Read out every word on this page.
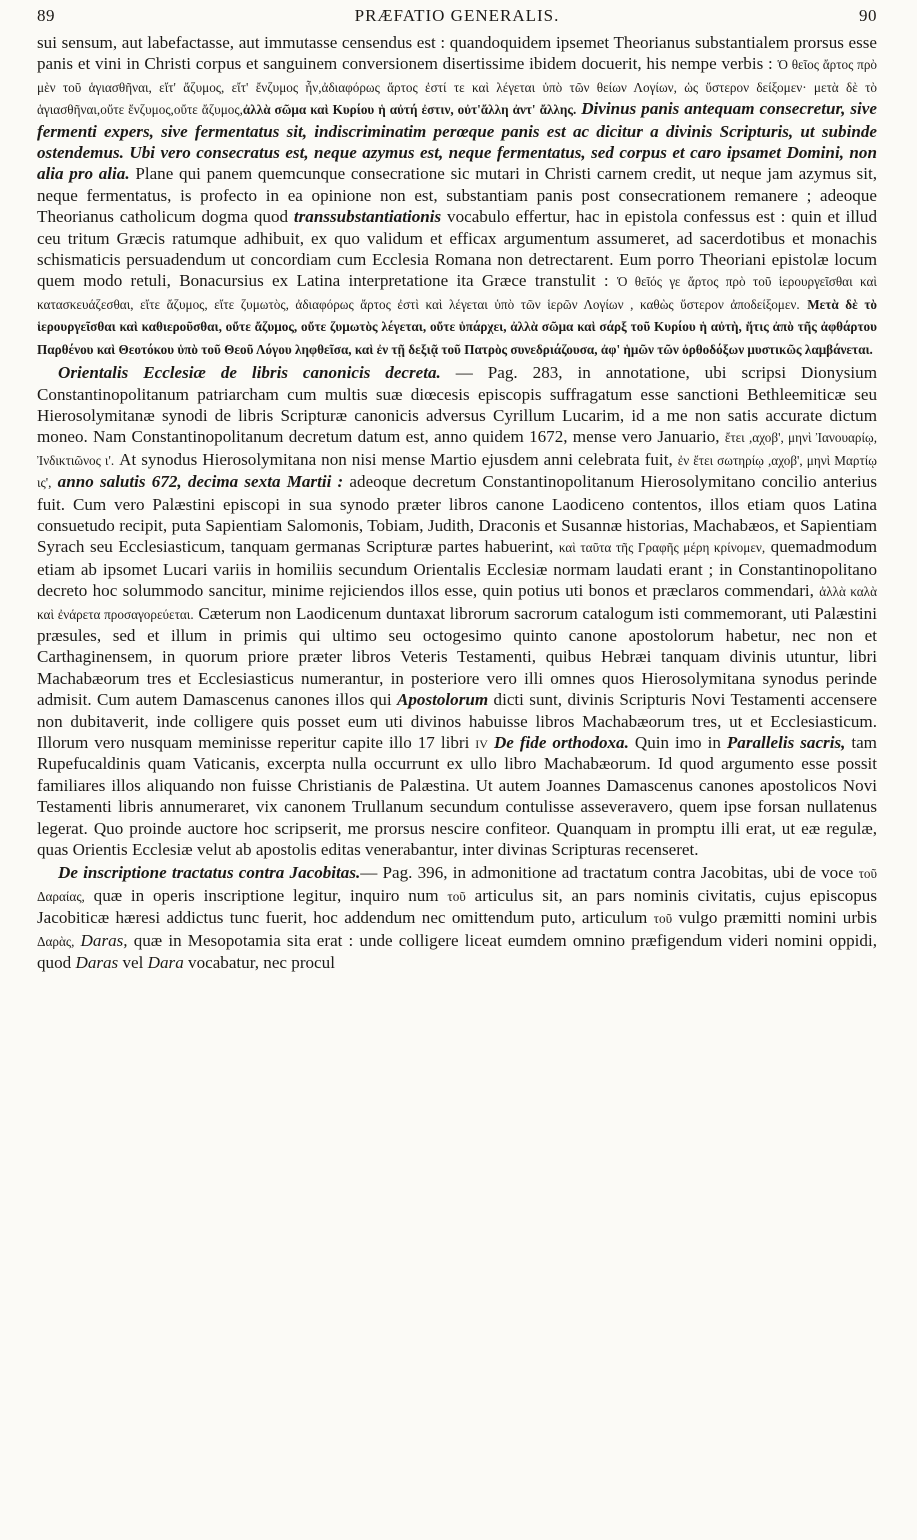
89	PRÆFATIO GENERALIS.	90

sui sensum, aut labefactasse, aut immutasse censendus est : quandoquidem ipsemet Theorianus substantialem prorsus esse panis et vini in Christi corpus et sanguinem conversionem disertissime ibidem docuerit, his nempe verbis : Ὁ θεῖος ἄρτος πρὸ μὲν τοῦ ἁγιασθῆναι, εἴτ' ἄζυμος, εἴτ' ἔνζυμος ἦν,ἀδιαφόρως ἄρτος ἐστί τε καὶ λέγεται ὑπὸ τῶν θείων Λογίων, ὡς ὕστερον δείξομεν· μετὰ δὲ τὸ ἁγιασθῆναι,οὔτε ἔνζυμος,οὔτε ἄζυμος,ἀλλὰ σῶμα καὶ Κυρίου ἡ αὐτή ἐστιν, οὐτ'ἄλλη ἀντ' ἄλλης. Divinus panis antequam consecretur, sive fermenti expers, sive fermentatus sit, indiscriminatim perœque panis est ac dicitur a divinis Scripturis, ut subinde ostendemus. Ubi vero consecratus est, neque azymus est, neque fermentatus, sed corpus et caro ipsamet Domini, non alia pro alia. Plane qui panem quemcunque consecratione sic mutari in Christi carnem credit, ut neque jam azymus sit, neque fermentatus, is profecto in ea opinione non est, substantiam panis post consecrationem remanere ; adeoque Theorianus catholicum dogma quod transsubstantiationis vocabulo effertur, hac in epistola confessus est : quin et illud ceu tritum Græcis ratumque adhibuit, ex quo validum et efficax argumentum assumeret, ad sacerdotibus et monachis schismaticis persuadendum ut concordiam cum Ecclesia Romana non detrectarent. Eum porro Theoriani epistolæ locum quem modo retuli, Bonacursius ex Latina interpretatione ita Græce transtulit : Ὁ θεῖός γε ἄρτος πρὸ τοῦ ἱερουργεῖσθαι καὶ κατασκευάζεσθαι, εἴτε ἄζυμος, εἴτε ζυμωτὸς, ἀδιαφόρως ἄρτος ἐστὶ καὶ λέγεται ὑπὸ τῶν ἱερῶν Λογίων , καθὼς ὕστερον ἀποδείξομεν. Μετὰ δὲ τὸ ἱερουργεῖσθαι καὶ καθιεροῦσθαι, οὔτε ἄζυμος, οὔτε ζυμωτὸς λέγεται, οὔτε ὑπάρχει, ἀλλὰ σῶμα καὶ σάρξ τοῦ Κυρίου ἡ αὐτὴ, ἥτις ἀπὸ τῆς ἀφθάρτου Παρθένου καὶ Θεοτόκου ὑπὸ τοῦ Θεοῦ Λόγου ληφθεῖσα, καὶ ἐν τῇ δεξιᾷ τοῦ Πατρὸς συνεδριάζουσα, ἀφ' ἡμῶν τῶν ὀρθοδόξων μυστικῶς λαμβάνεται.

Orientalis Ecclesiæ de libris canonicis decreta. — Pag. 283, in annotatione, ubi scripsi Dionysium Constantinopolitanum patriarcham cum multis suæ diœcesis episcopis suffragatum esse sanctioni Bethleemiticæ seu Hierosolymitanæ synodi de libris Scripturæ canonicis adversus Cyrillum Lucarim, id a me non satis accurate dictum moneo. Nam Constantinopolitanum decretum datum est, anno quidem 1672, mense vero Januario, ἔτει ,αχοβ', μηνὶ Ἰανουαρίῳ, Ἰνδικτιῶνος ι'. At synodus Hierosolymitana non nisi mense Martio ejusdem anni celebrata fuit, ἐν ἔτει σωτηρίῳ ,αχοβ', μηνὶ Μαρτίῳ ις', anno salutis 672, decima sexta Martii : adeoque decretum Constantinopolitanum Hierosolymitano concilio anterius fuit. Cum vero Palæstini episcopi in sua synodo præter libros canone Laodiceno contentos, illos etiam quos Latina consuetudo recipit, puta Sapientiam Salomonis, Tobiam, Judith, Draconis et Susannæ historias, Machabæos, et Sapientiam Syrach seu Ecclesiasticum, tanquam germanas Scripturæ partes habuerint, καὶ ταῦτα τῆς Γραφῆς μέρη κρίνομεν, quemadmodum etiam ab ipsomet Lucari variis in homiliis secundum Orientalis Ecclesiæ normam laudati erant ; in Constantinopolitano decreto hoc solummodo sancitur, minime rejiciendos illos esse, quin potius uti bonos et præclaros commendari, ἀλλὰ καλὰ καὶ ἐνάρετα προσαγορεύεται. Cæterum non Laodicenum duntaxat librorum sacrorum catalogum isti commemorant, uti Palæstini præsules, sed et illum in primis qui ultimo seu octogesimo quinto canone apostolorum habetur, nec non et Carthaginensem, in quorum priore præter libros Veteris Testamenti, quibus Hebræi tanquam divinis utuntur, libri Machabæorum tres et Ecclesiasticus numerantur, in posteriore vero illi omnes quos Hierosolymitana synodus perinde admisit. Cum autem Damascenus canones illos qui Apostolorum dicti sunt, divinis Scripturis Novi Testamenti accensere non dubitaverit, inde colligere quis posset eum uti divinos habuisse libros Machabæorum tres, ut et Ecclesiasticum. Illorum vero nusquam meminisse reperitur capite illo 17 libri iv De fide orthodoxa. Quin imo in Parallelis sacris, tam Rupefucaldinis quam Vaticanis, excerpta nulla occurrunt ex ullo libro Machabæorum. Id quod argumento esse possit familiares illos aliquando non fuisse Christianis de Palæstina. Ut autem Joannes Damascenus canones apostolicos Novi Testamenti libris annumeraret, vix canonem Trullanum secundum contulisse asseveravero, quem ipse forsan nullatenus legerat. Quo proinde auctore hoc scripserit, me prorsus nescire confiteor. Quanquam in promptu illi erat, ut eæ regulæ, quas Orientis Ecclesiæ velut ab apostolis editas venerabantur, inter divinas Scripturas recenseret.

De inscriptione tractatus contra Jacobitas.— Pag. 396, in admonitione ad tractatum contra Jacobitas, ubi de voce τοῦ Δαραίας, quæ in operis inscriptione legitur, inquiro num τοῦ articulus sit, an pars nominis civitatis, cujus episcopus Jacobiticæ hæresi addictus tunc fuerit, hoc addendum nec omittendum puto, articulum τοῦ vulgo præmitti nomini urbis Δαρὰς, Daras, quæ in Mesopotamia sita erat : unde colligere liceat eumdem omnino præfigendum videri nomini oppidi, quod Daras vel Dara vocabatur, nec procul
